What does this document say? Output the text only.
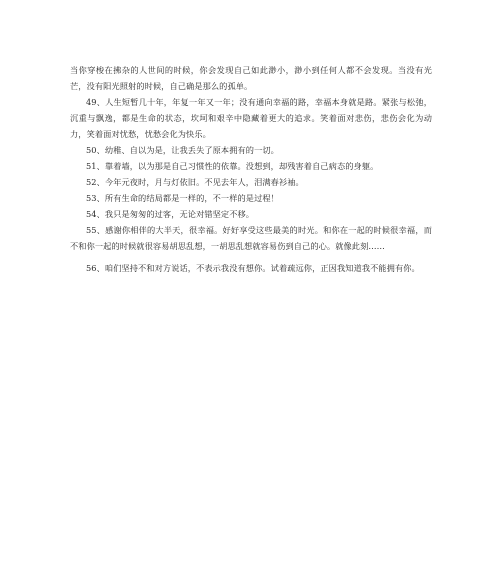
当你穿梭在拂杂的人世间的时候，你会发现自己如此渺小，渺小到任何人都不会发现。当没有光芒，没有阳光照射的时候，自己确是那么的孤单。

49、人生短暂几十年，年复一年又一年；没有通向幸福的路，幸福本身就是路。紧张与松弛，沉重与飘逸，都是生命的状态，坎坷和艰辛中隐藏着更大的追求。笑着面对悲伤，悲伤会化为动力，笑着面对忧愁，忧愁会化为快乐。

50、幼稚、自以为是，让我丢失了原本拥有的一切。

51、靠着墙，以为那是自己习惯性的依靠。没想到，却残害着自己病态的身躯。

52、今年元夜时，月与灯依旧。不见去年人，泪满春衫袖。

53、所有生命的结局都是一样的，不一样的是过程！

54、我只是匆匆的过客，无论对错坚定不移。

55、感谢你相伴的大半天，很幸福。好好享受这些最美的时光。和你在一起的时候很幸福，而不和你一起的时候就很容易胡思乱想，一胡思乱想就容易伤到自己的心。就像此刻……

56、咱们坚持不和对方说话，不表示我没有想你。试着疏远你，正因我知道我不能拥有你。
